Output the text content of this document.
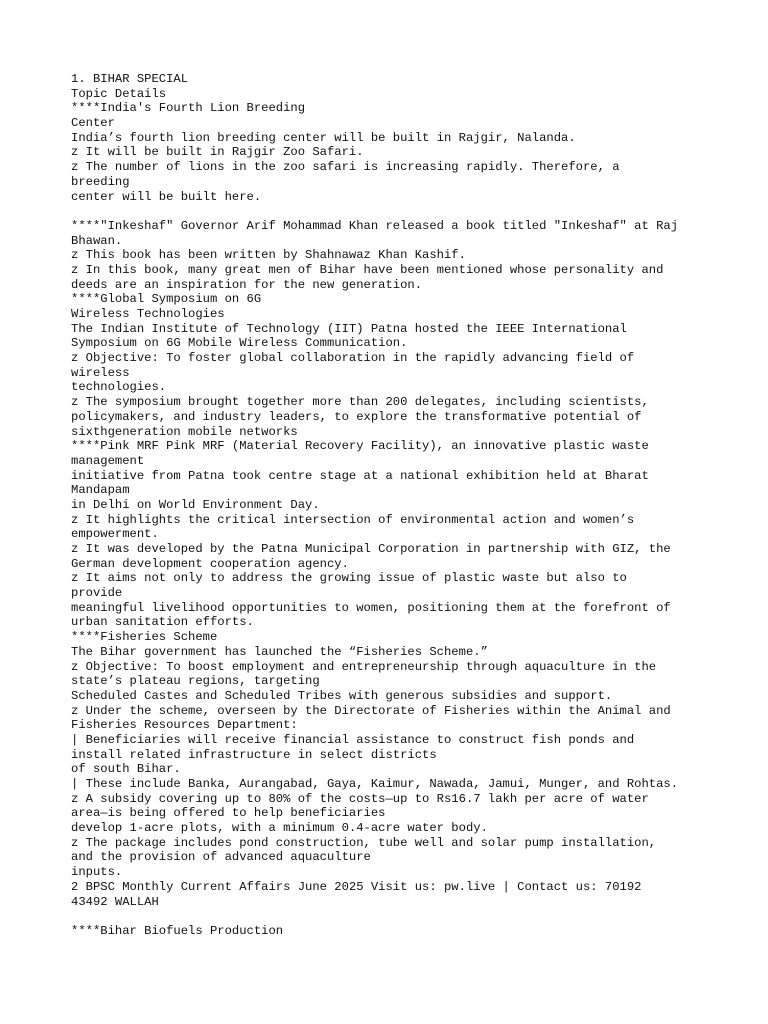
1. BIHAR SPECIAL
Topic Details
****India's Fourth Lion Breeding
Center
India’s fourth lion breeding center will be built in Rajgir, Nalanda.
z It will be built in Rajgir Zoo Safari.
z The number of lions in the zoo safari is increasing rapidly. Therefore, a
breeding
center will be built here.
****"Inkeshaf" Governor Arif Mohammad Khan released a book titled "Inkeshaf" at Raj
Bhawan.
z This book has been written by Shahnawaz Khan Kashif.
z In this book, many great men of Bihar have been mentioned whose personality and
deeds are an inspiration for the new generation.
****Global Symposium on 6G
Wireless Technologies
The Indian Institute of Technology (IIT) Patna hosted the IEEE International
Symposium on 6G Mobile Wireless Communication.
z Objective: To foster global collaboration in the rapidly advancing field of
wireless
technologies.
z The symposium brought together more than 200 delegates, including scientists,
policymakers, and industry leaders, to explore the transformative potential of
sixthgeneration mobile networks
****Pink MRF Pink MRF (Material Recovery Facility), an innovative plastic waste
management
initiative from Patna took centre stage at a national exhibition held at Bharat
Mandapam
in Delhi on World Environment Day.
z It highlights the critical intersection of environmental action and women’s
empowerment.
z It was developed by the Patna Municipal Corporation in partnership with GIZ, the
German development cooperation agency.
z It aims not only to address the growing issue of plastic waste but also to
provide
meaningful livelihood opportunities to women, positioning them at the forefront of
urban sanitation efforts.
****Fisheries Scheme
The Bihar government has launched the “Fisheries Scheme.”
z Objective: To boost employment and entrepreneurship through aquaculture in the
state’s plateau regions, targeting
Scheduled Castes and Scheduled Tribes with generous subsidies and support.
z Under the scheme, overseen by the Directorate of Fisheries within the Animal and
Fisheries Resources Department:
| Beneficiaries will receive financial assistance to construct fish ponds and
install related infrastructure in select districts
of south Bihar.
| These include Banka, Aurangabad, Gaya, Kaimur, Nawada, Jamui, Munger, and Rohtas.
z A subsidy covering up to 80% of the costs—up to Rs16.7 lakh per acre of water
area—is being offered to help beneficiaries
develop 1-acre plots, with a minimum 0.4-acre water body.
z The package includes pond construction, tube well and solar pump installation,
and the provision of advanced aquaculture
inputs.
2 BPSC Monthly Current Affairs June 2025 Visit us: pw.live | Contact us: 70192
43492 WALLAH
****Bihar Biofuels Production
